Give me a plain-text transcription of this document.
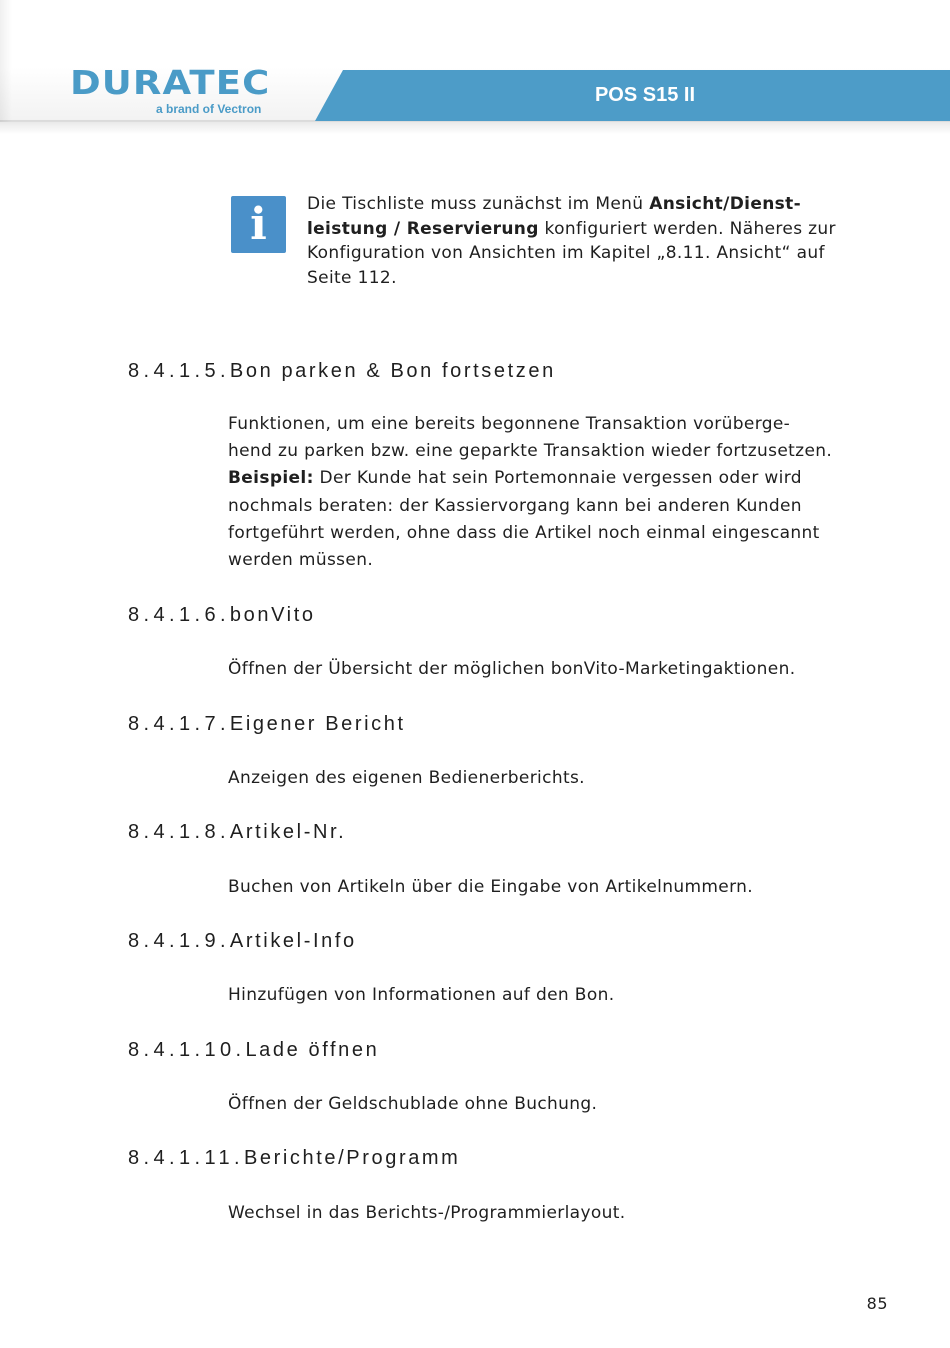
POS S15 II
DURATEC
a brand of Vectron
i	Die Tischliste muss zunächst im Menü Ansicht/Dienst-
leistung / Reservierung konfiguriert werden. Näheres zur
Konfiguration von Ansichten im Kapitel „8.11. Ansicht“ auf
Seite 112.
8.4.1.5.Bon parken & Bon fortsetzen
Funktionen, um eine bereits begonnene Transaktion vorüberge-
hend zu parken bzw. eine geparkte Transaktion wieder fortzusetzen.
Beispiel: Der Kunde hat sein Portemonnaie vergessen oder wird
nochmals beraten: der Kassiervorgang kann bei anderen Kunden
fortgeführt werden, ohne dass die Artikel noch einmal eingescannt
werden müssen.
8.4.1.6.bonVito
Öffnen der Übersicht der möglichen bonVito-Marketingaktionen.
8.4.1.7.Eigener Bericht
Anzeigen des eigenen Bedienerberichts.
8.4.1.8.Artikel-Nr.
Buchen von Artikeln über die Eingabe von Artikelnummern.
8.4.1.9.Artikel-Info
Hinzufügen von Informationen auf den Bon.
8.4.1.10.Lade öffnen
Öffnen der Geldschublade ohne Buchung.
8.4.1.11.Berichte/Programm
Wechsel in das Berichts-/Programmierlayout.
85
